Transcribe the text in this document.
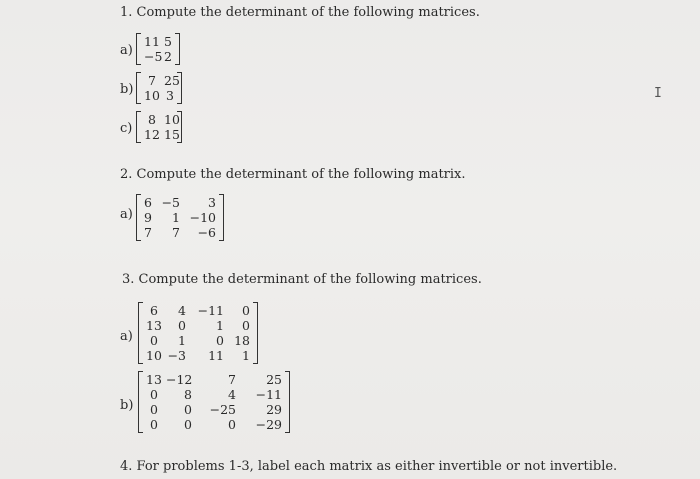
1. Compute the determinant of the following matrices.
a)
11 5
−5 2
b)
7 25
10 3
c)
8 10
12 15
2. Compute the determinant of the following matrix.
a)
6 −5	3
9	1 −10
7	7	−6
3. Compute the determinant of the following matrices.
a)
6	4 −11	0
13	0	1	0
0	1	0 18
10 −3	11	1
b)
13 −12	7	25
0	8	4	−11
0	0	−25	29
0	0	0	−29
4. For problems 1-3, label each matrix as either invertible or not invertible.
I
